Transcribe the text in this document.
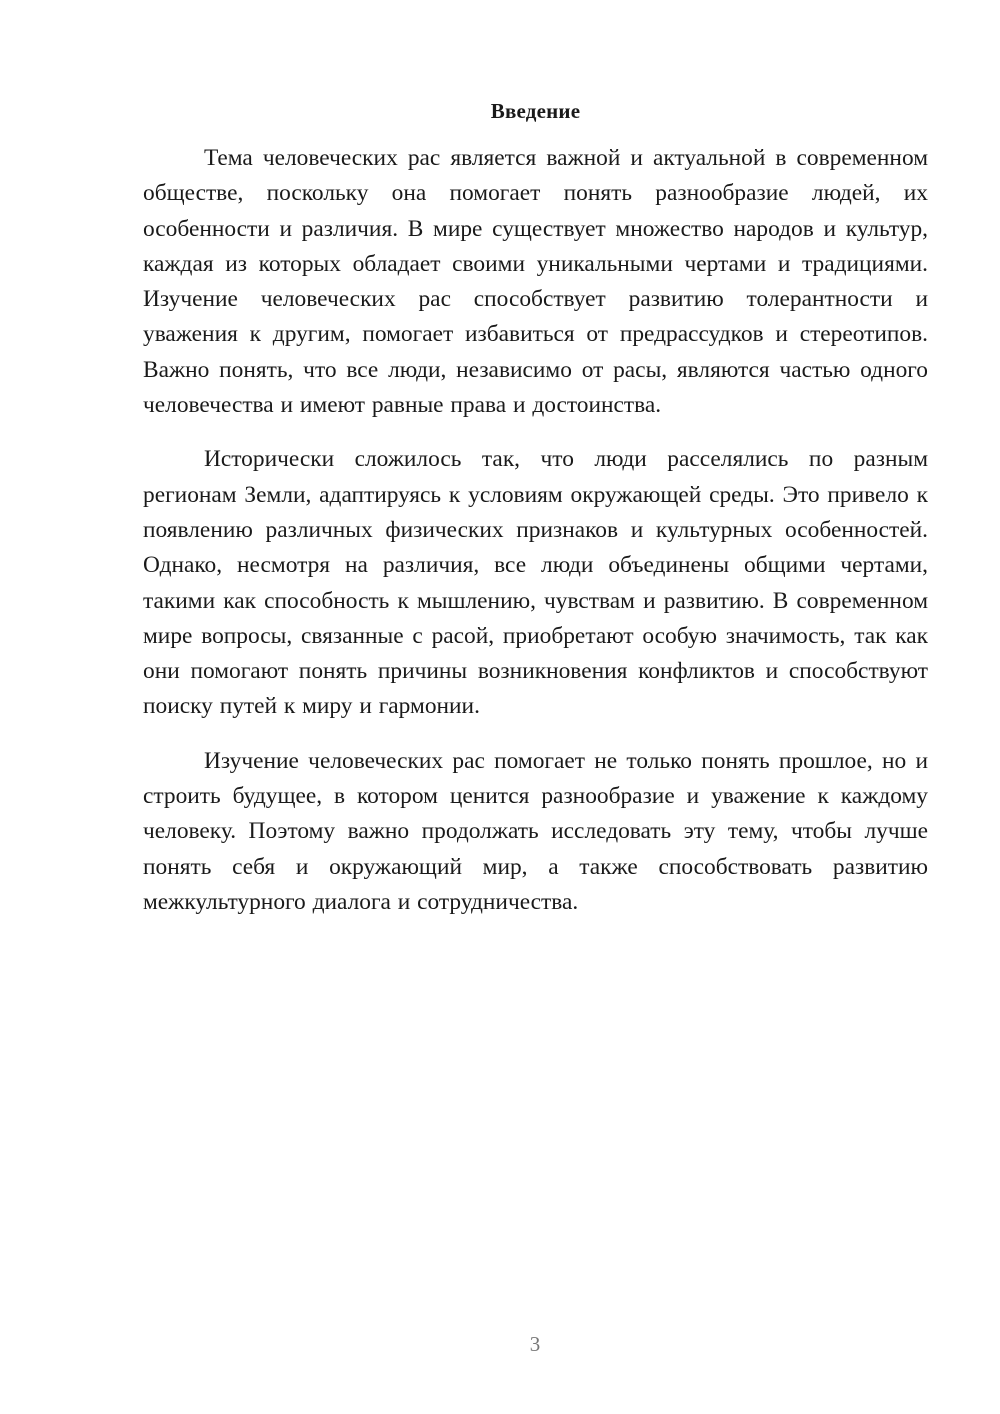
Введение

Тема человеческих рас является важной и актуальной в современном обществе, поскольку она помогает понять разнообразие людей, их особенности и различия. В мире существует множество народов и культур, каждая из которых обладает своими уникальными чертами и традициями. Изучение человеческих рас способствует развитию толерантности и уважения к другим, помогает избавиться от предрассудков и стереотипов. Важно понять, что все люди, независимо от расы, являются частью одного человечества и имеют равные права и достоинства.

Исторически сложилось так, что люди расселялись по разным регионам Земли, адаптируясь к условиям окружающей среды. Это привело к появлению различных физических признаков и культурных особенностей. Однако, несмотря на различия, все люди объединены общими чертами, такими как способность к мышлению, чувствам и развитию. В современном мире вопросы, связанные с расой, приобретают особую значимость, так как они помогают понять причины возникновения конфликтов и способствуют поиску путей к миру и гармонии.

Изучение человеческих рас помогает не только понять прошлое, но и строить будущее, в котором ценится разнообразие и уважение к каждому человеку. Поэтому важно продолжать исследовать эту тему, чтобы лучше понять себя и окружающий мир, а также способствовать развитию межкультурного диалога и сотрудничества.

3
